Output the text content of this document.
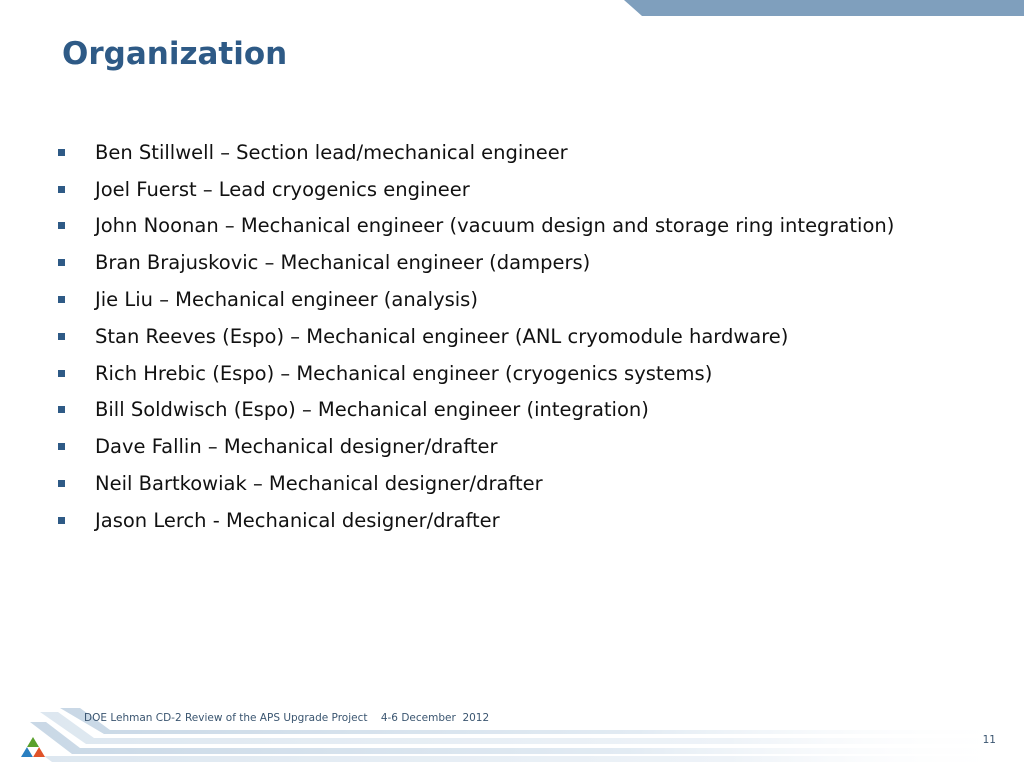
Organization
Ben Stillwell – Section lead/mechanical engineer
Joel Fuerst – Lead cryogenics engineer
John Noonan – Mechanical engineer (vacuum design and storage ring integration)
Bran Brajuskovic – Mechanical engineer (dampers)
Jie Liu – Mechanical engineer (analysis)
Stan Reeves (Espo) – Mechanical engineer (ANL cryomodule hardware)
Rich Hrebic (Espo) – Mechanical engineer (cryogenics systems)
Bill Soldwisch (Espo) – Mechanical engineer (integration)
Dave Fallin – Mechanical designer/drafter
Neil Bartkowiak – Mechanical designer/drafter
Jason Lerch - Mechanical designer/drafter
DOE Lehman CD-2 Review of the APS Upgrade Project    4-6 December  2012
11
